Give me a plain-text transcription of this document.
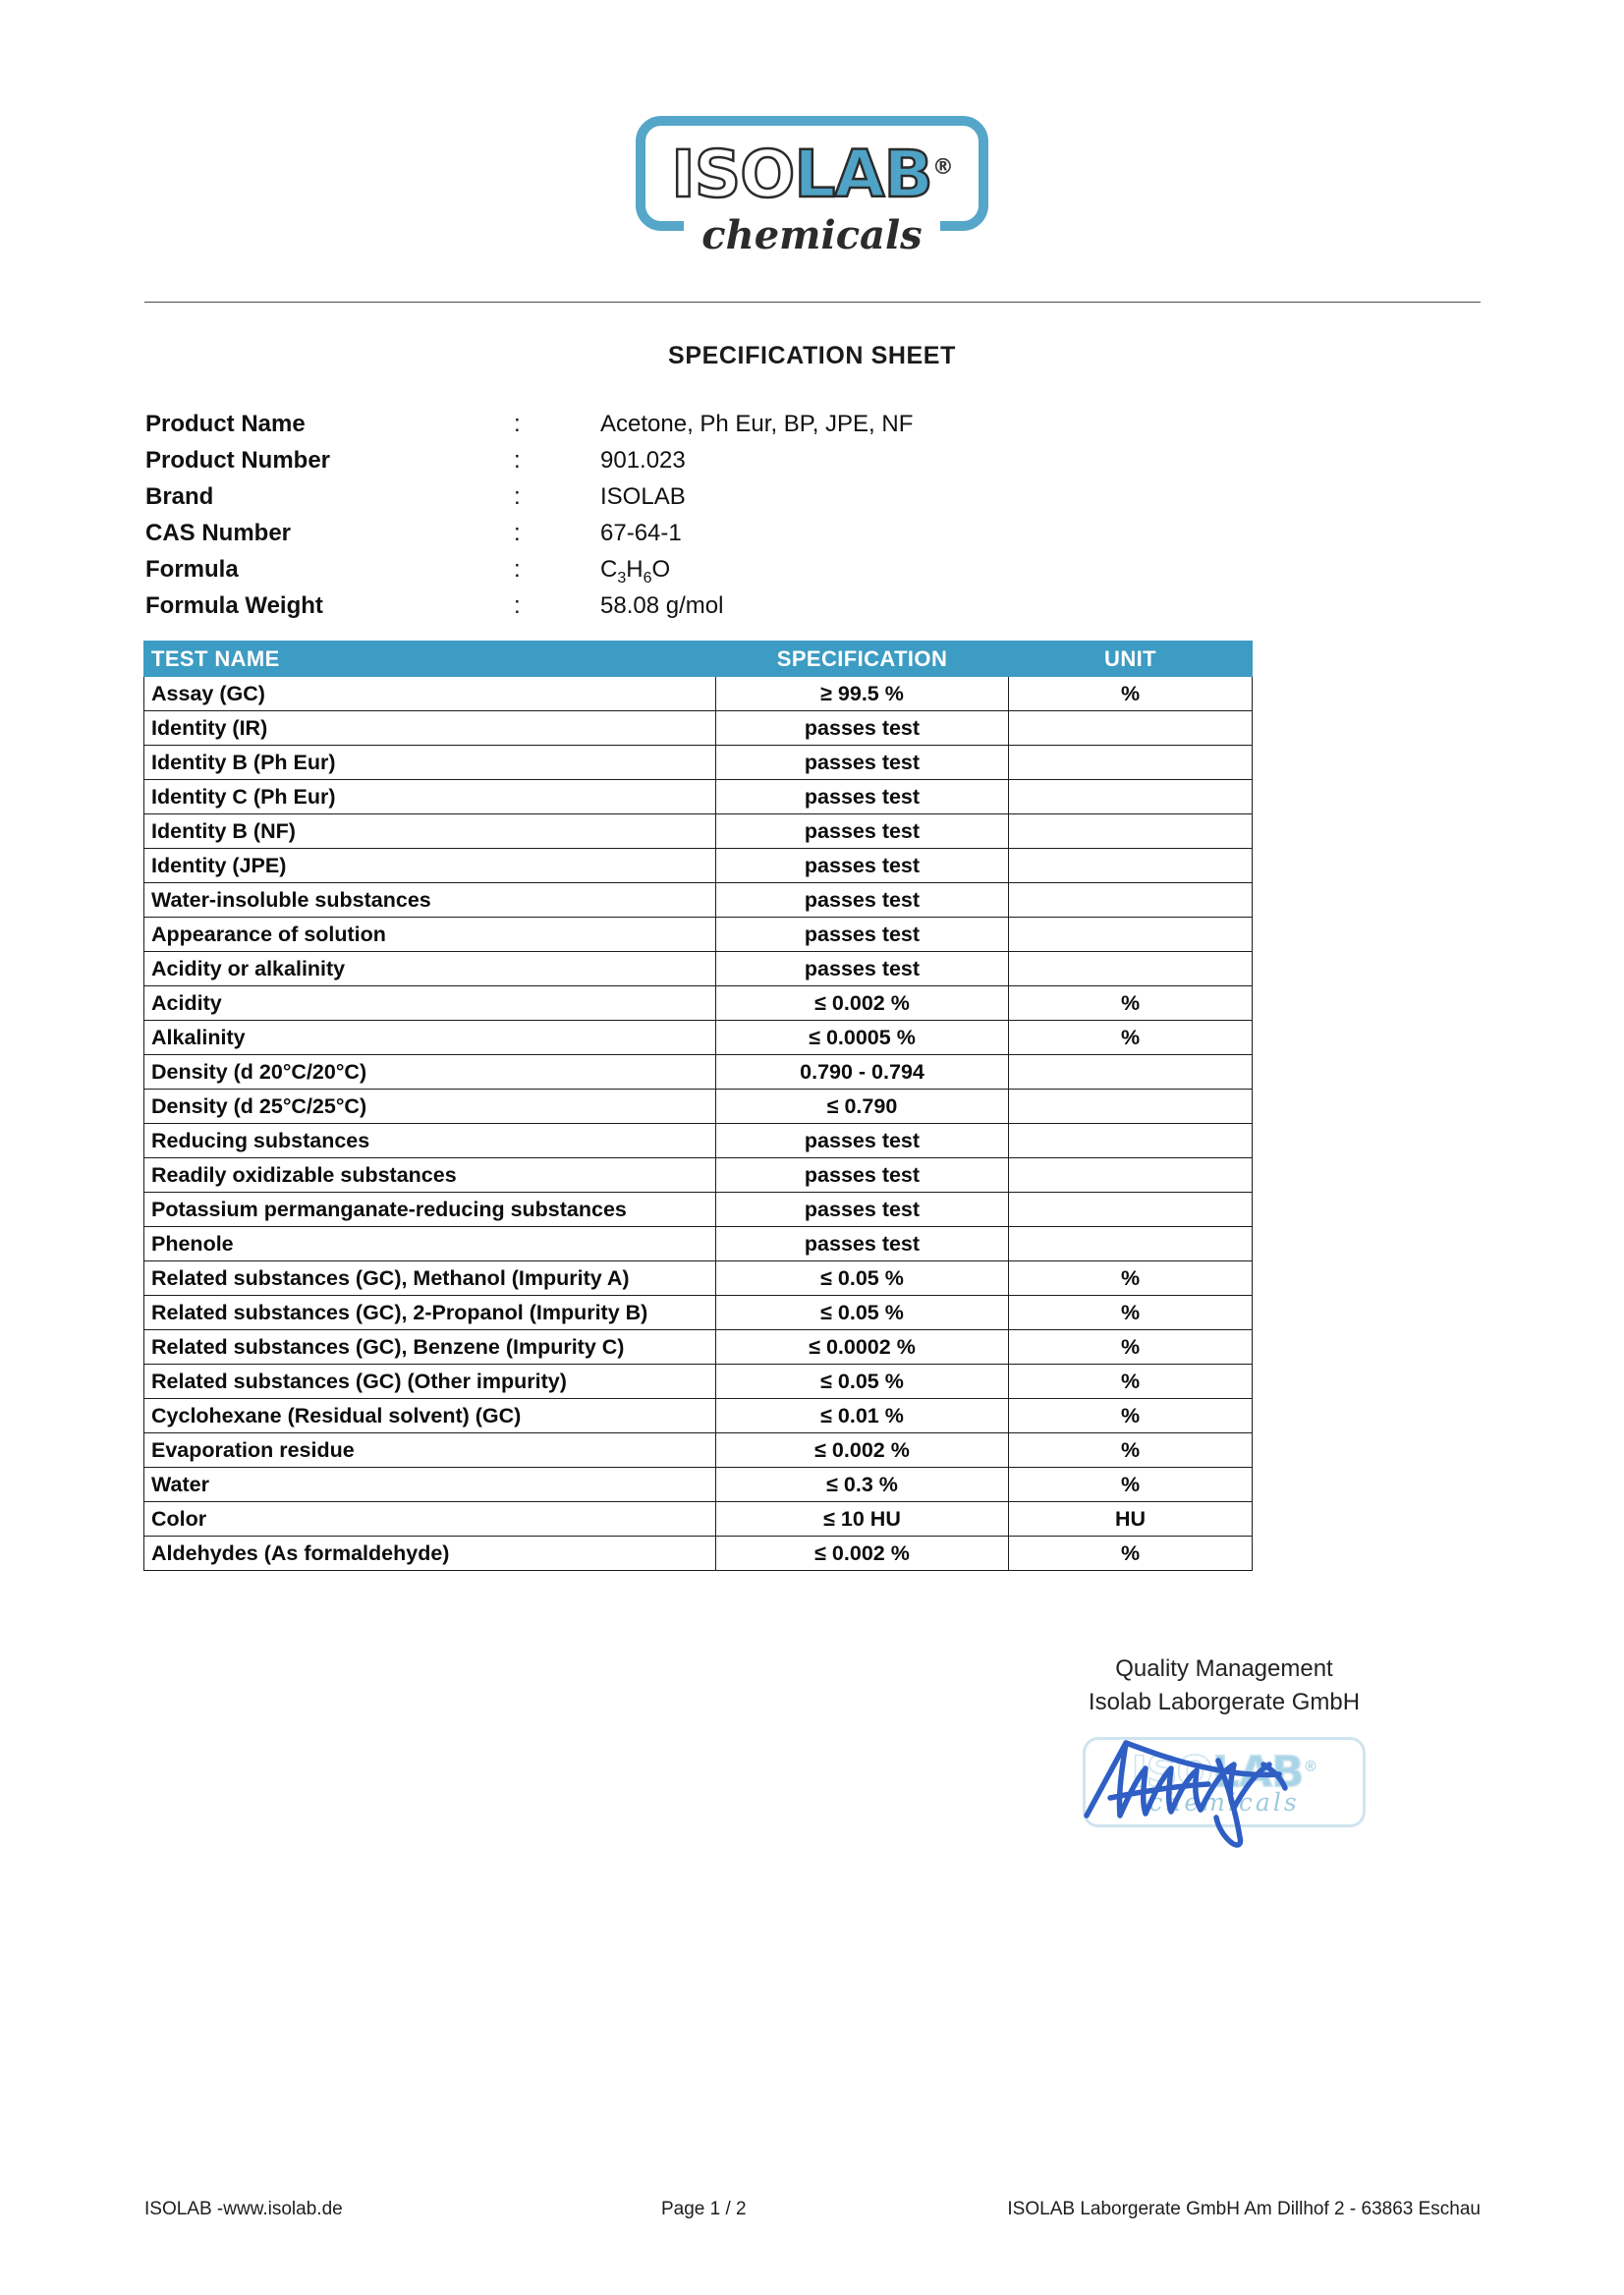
ISOLAB®
chemicals
SPECIFICATION SHEET
Product Name	:	Acetone, Ph Eur, BP, JPE, NF
Product Number	:	901.023
Brand	:	ISOLAB
CAS Number	:	67-64-1
Formula	:	$C_3H_6O$
Formula Weight	:	58.08 g/mol
TEST NAME	SPECIFICATION	UNIT
Assay (GC)	≥ 99.5 %	%
Identity (IR)	passes test	
Identity B (Ph Eur)	passes test	
Identity C (Ph Eur)	passes test	
Identity B (NF)	passes test	
Identity (JPE)	passes test	
Water-insoluble substances	passes test	
Appearance of solution	passes test	
Acidity or alkalinity	passes test	
Acidity	≤ 0.002 %	%
Alkalinity	≤ 0.0005 %	%
Density (d 20°C/20°C)	0.790 - 0.794	
Density (d 25°C/25°C)	≤ 0.790	
Reducing substances	passes test	
Readily oxidizable substances	passes test	
Potassium permanganate-reducing substances	passes test	
Phenole	passes test	
Related substances (GC), Methanol (Impurity A)	≤ 0.05 %	%
Related substances (GC), 2-Propanol (Impurity B)	≤ 0.05 %	%
Related substances (GC), Benzene (Impurity C)	≤ 0.0002 %	%
Related substances (GC) (Other impurity)	≤ 0.05 %	%
Cyclohexane (Residual solvent) (GC)	≤ 0.01 %	%
Evaporation residue	≤ 0.002 %	%
Water	≤ 0.3 %	%
Color	≤ 10 HU	HU
Aldehydes (As formaldehyde)	≤ 0.002 %	%
Quality Management
Isolab Laborgerate GmbH
ISOLAB®
chemicals
ISOLAB -www.isolab.de	Page 1 / 2	ISOLAB Laborgerate GmbH Am Dillhof 2 - 63863 Eschau
